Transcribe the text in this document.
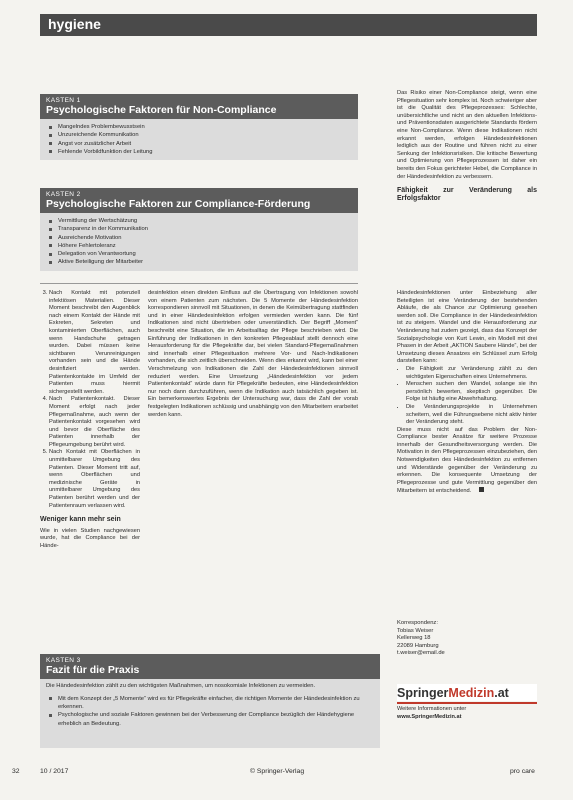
hygiene
KASTEN 1
Psychologische Faktoren für Non-Compliance
Mangelndes Problembewusstsein
Unzureichende Kommunikation
Angst vor zusätzlicher Arbeit
Fehlende Vorbildfunktion der Leitung
KASTEN 2
Psychologische Faktoren zur Compliance-Förderung
Vermittlung der Wertschätzung
Transparenz in der Kommunikation
Ausreichende Motivation
Höhere Fehlertoleranz
Delegation von Verantwortung
Aktive Beteiligung der Mitarbeiter

Das Risiko einer Non-Compliance steigt, wenn eine Pflegesituation sehr komplex ist. Noch schwieriger aber ist die Qualität des Pflegeprozesses: Schlechte, unübersichtliche und nicht an den aktuellen Infektions- und Präventionsdaten ausgerichtete Standards fördern eine Non-Compliance. Wenn diese Indikationen nicht erkannt werden, erfolgen Händedesinfektionen lediglich aus der Routine und führen nicht zu einer Senkung der Infektionsrisiken. Die kritische Bewertung und Optimierung von Pflegeprozessen ist daher ein bereits den Fokus gerichteter Hebel, die Compliance in der Händedesinfektion zu verbessern.

Fähigkeit zur Veränderung als Erfolgsfaktor
3. Nach Kontakt mit potenziell infektiösen Materialien. Dieser Moment beschreibt den Augenblick nach einem Kontakt der Hände mit Exkreten, Sekreten und kontaminierten Oberflächen, auch wenn Handschuhe getragen wurden. Dabei müssen keine sichtbaren Verunreinigungen vorhanden sein und die Hände desinfiziert werden. Patientenkontakte im Umfeld der Patienten muss hiermit sichergestellt werden.
4. Nach Patientenkontakt. Dieser Moment erfolgt nach jeder Pflegemaßnahme, auch wenn der Patientenkontakt vorgesehen wird und bevor die Oberfläche des Patienten innerhalb der Pflegeumgebung berührt wird.
5. Nach Kontakt mit Oberflächen in unmittelbarer Umgebung des Patienten. Dieser Moment tritt auf, wenn Oberflächen und medizinische Geräte in unmittelbarer Umgebung des Patienten berührt werden und der Patientenraum verlassen wird.
Weniger kann mehr sein

Wie in vielen Studien nachgewiesen wurde, hat die Compliance bei der Hände-

desinfektion einen direkten Einfluss auf die Übertragung von Infektionen sowohl von einem Patienten zum nächsten. Die 5 Momente der Händedesinfektion korrespondieren sinnvoll mit Situationen, in denen die Keimübertragung stattfinden und in einer Händedesinfektion erfolgen vermieden werden kann. Die fünf Indikationen sind nicht übertrieben oder unverständlich. Der Begriff „Moment“ beschreibt eine Situation, die im Arbeitsalltag der Pflege beschrieben wird. Die Einführung der Indikationen in den konkreten Pflegeablauf stellt dennoch eine Herausforderung für die Pflegekräfte dar, bei vielen Standard-Pflegemaßnahmen sind innerhalb einer Pflegesituation mehrere Vor- und Nach-Indikationen vorhanden, die sich zeitlich überschneiden. Wenn dies erkannt wird, kann bei einer Verschmelzung von Indikationen die Zahl der Händedesinfektionen sinnvoll reduziert werden. Eine Umsetzung „Händedesinfektion vor jedem Patientenkontakt“ würde dann für Pflegekräfte bedeuten, eine Händedesinfektion nur noch dann durchzuführen, wenn die Indikation auch tatsächlich gegeben ist. Ein bemerkenswertes Ergebnis der Untersuchung war, dass die Zahl der vorab festgelegten Indikationen schlüssig und unabhängig von den Mitarbeitern erarbeitet werden kann.

Händedesinfektionen unter Einbeziehung aller Beteiligten ist eine Veränderung der bestehenden Abläufe, die als Chance zur Optimierung gesehen werden soll. Die Compliance in der Händedesinfektion ist zu steigern. Wandel und die Herausforderung zur Veränderung hat zudem gezeigt, dass das Konzept der Sozialpsychologie von Kurt Lewin, ein Modell mit drei Phasen in der Arbeit „AKTION Saubere Hände“, bei der Umsetzung dieses Ansatzes ein Schlüssel zum Erfolg darstellen kann:

• Die Fähigkeit zur Veränderung zählt zu den wichtigsten Eigenschaften eines Unternehmens.
• Menschen suchen den Wandel, solange sie ihn persönlich bewerten, skeptisch gegenüber. Die Folge ist häufig eine Abwehrhaltung.
• Die Veränderungsprojekte in Unternehmen scheitern, weil die Führungsebene nicht aktiv hinter der Veränderung steht.

Diese muss nicht auf das Problem der Non-Compliance bester Ansätze für weitere Prozesse innerhalb der Gesundheitsversorgung werden. Die Motivation in den Pflegeprozessen einzubeziehen, den Notwendigkeiten des Händedesinfektion zu entfernen und Widerstände gegenüber der Veränderung zu erkennen. Die konsequente Umsetzung der Pflegeprozesse und gute Vermittlung gegenüber den Mitarbeitern ist entscheidend.

KASTEN 3
Fazit für die Praxis

Die Händedesinfektion zählt zu den wichtigsten Maßnahmen, um nosokomiale Infektionen zu vermeiden.

Mit dem Konzept der „5 Momente“ wird es für Pflegekräfte einfacher, die richtigen Momente der Händedesinfektion zu erkennen.
Psychologische und soziale Faktoren gewinnen bei der Verbesserung der Compliance bezüglich der Händehygiene erheblich an Bedeutung.
Korrespondenz:
Tobias Weiser
Kellerweg 18
22089 Hamburg
t.weiser@email.de
SpringerMedizin.at
Weitere Informationen unter
www.SpringerMedizin.at
32	10 / 2017	© Springer-Verlag	pro care
